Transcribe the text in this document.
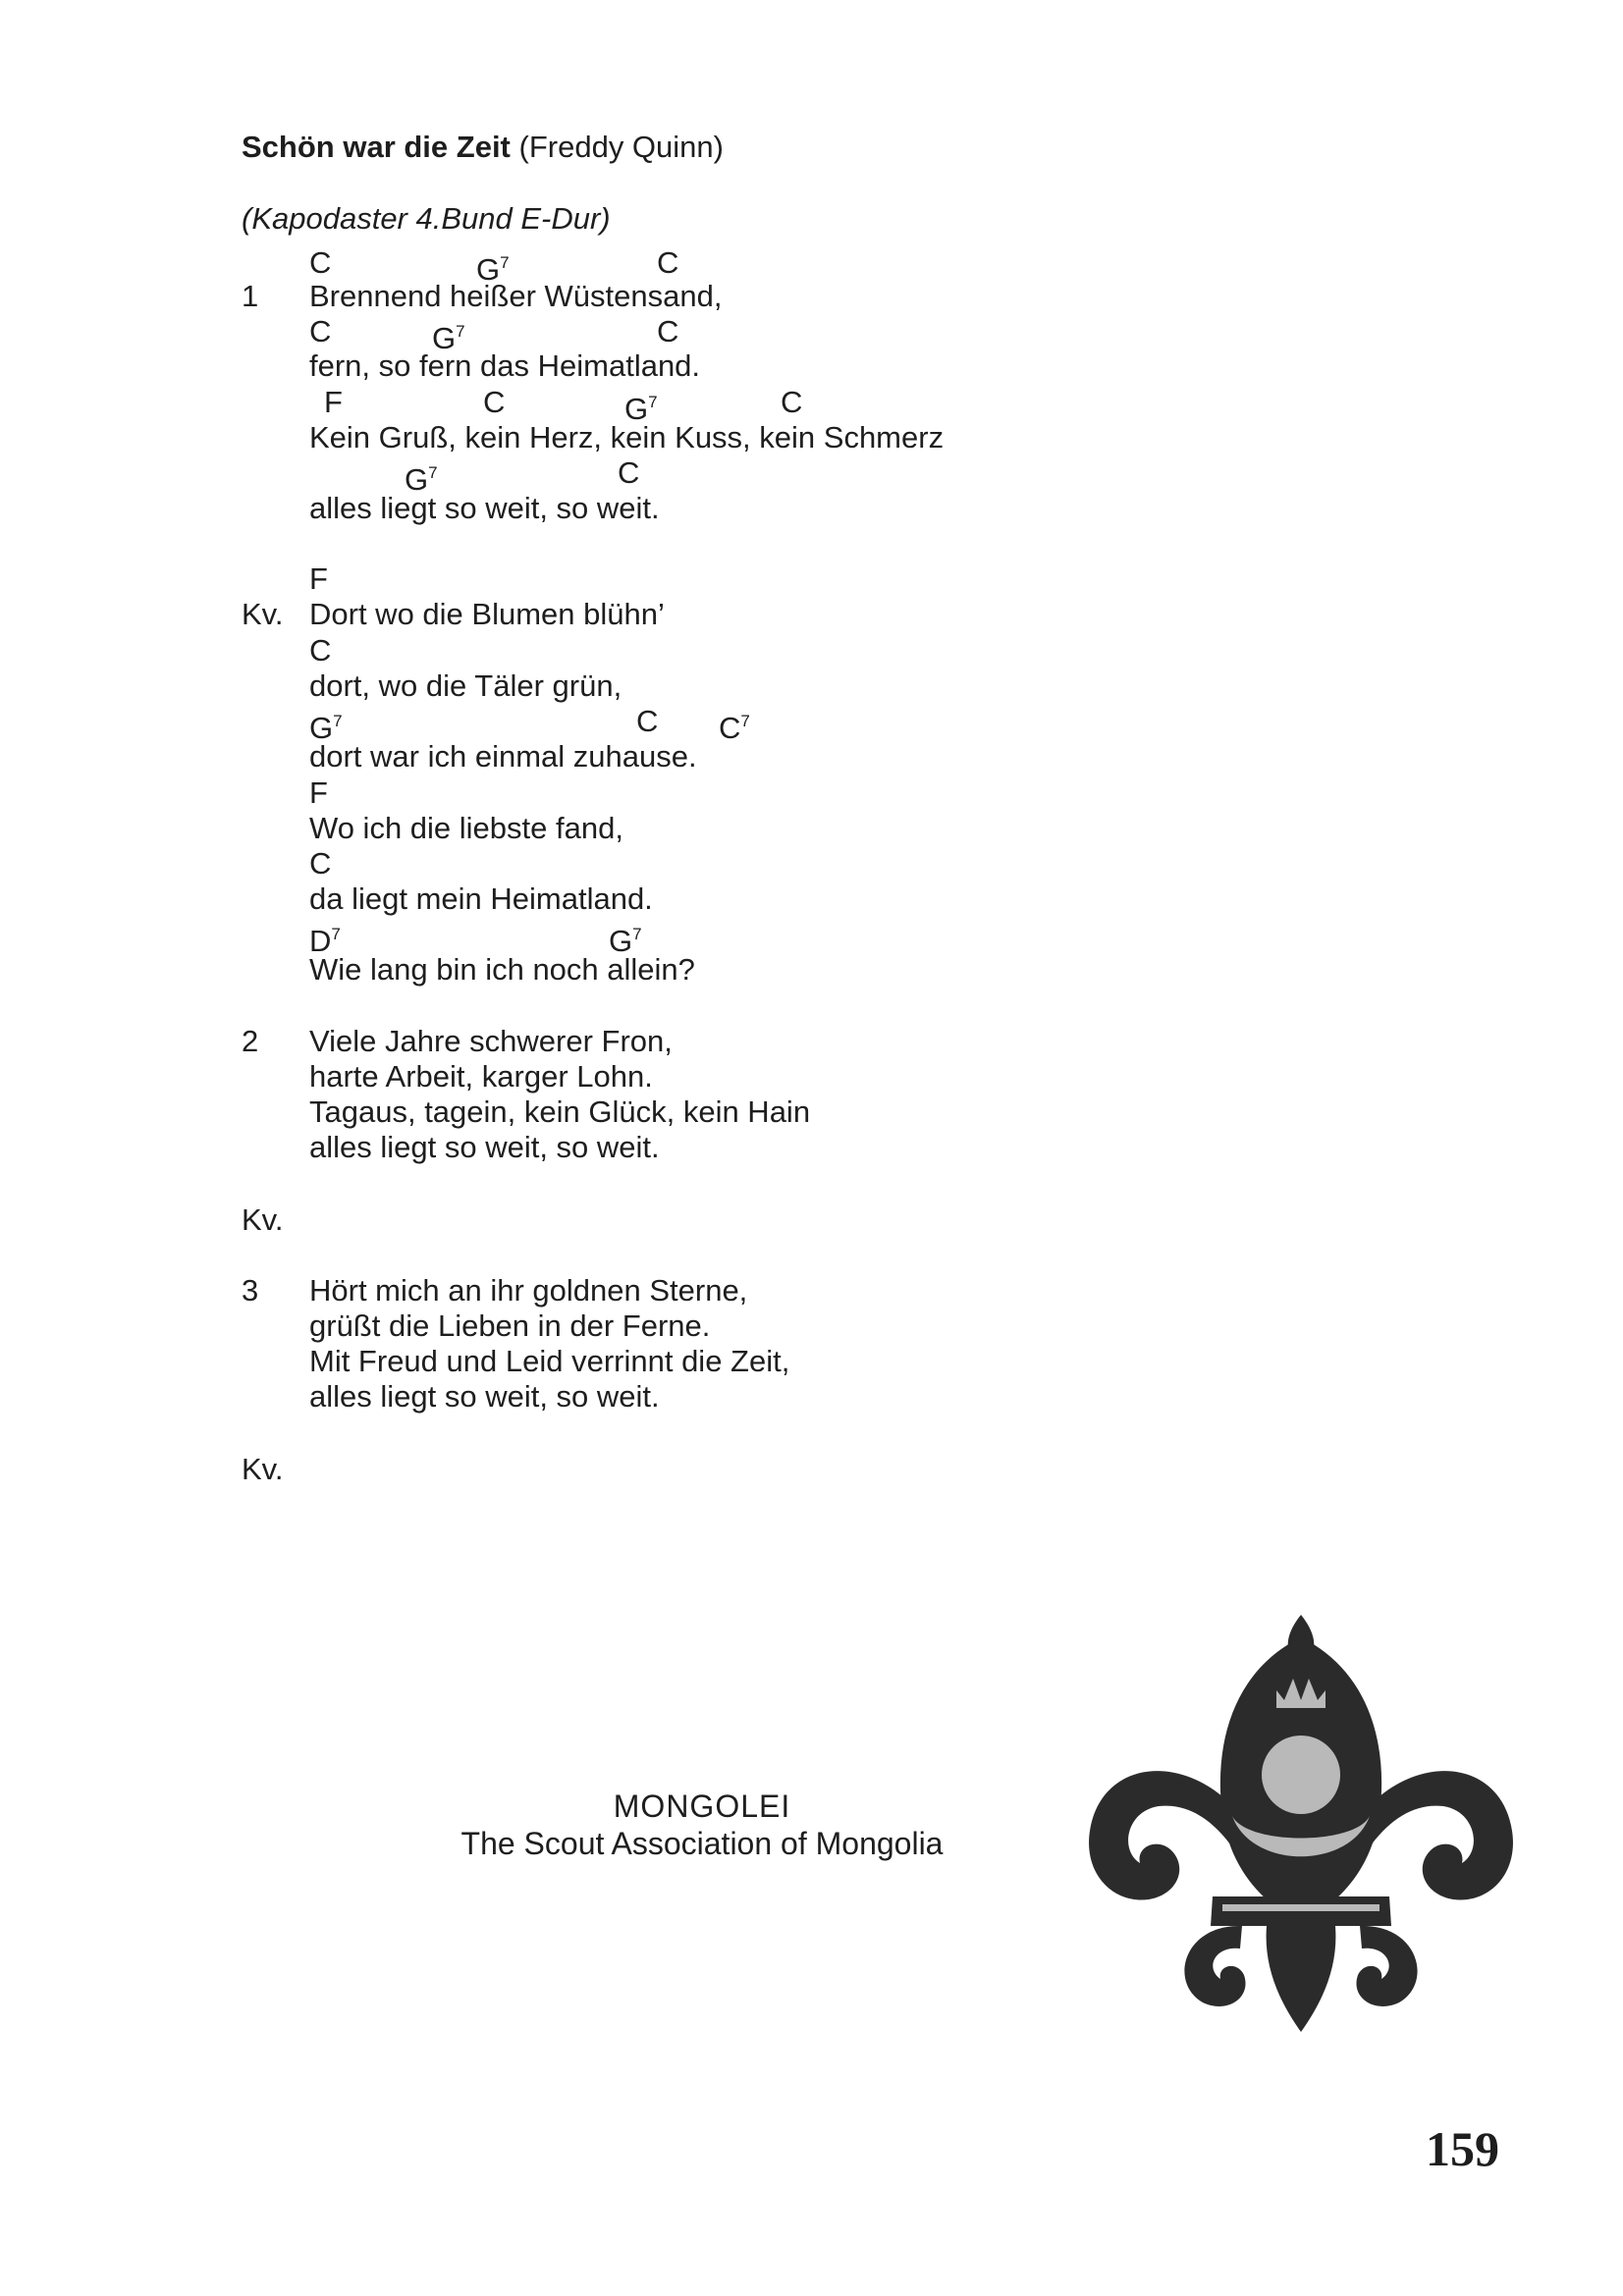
Schön war die Zeit (Freddy Quinn)
(Kapodaster 4.Bund E-Dur)
C	$G^7$	C
1 Brennend heißer Wüstensand,
C	$G^7$	C
fern, so fern das Heimatland.
F	C	$G^7$	C
Kein Gruß, kein Herz, kein Kuss, kein Schmerz
$G^7$	C
alles liegt so weit, so weit.
F
Kv. Dort wo die Blumen blühn’
C
dort, wo die Täler grün,
$G^7$	C $C^7$
dort war ich einmal zuhause.
F
Wo ich die liebste fand,
C
da liegt mein Heimatland.
$D^7$	$G^7$
Wie lang bin ich noch allein?
2 Viele Jahre schwerer Fron,
harte Arbeit, karger Lohn.
Tagaus, tagein, kein Glück, kein Hain
alles liegt so weit, so weit.
Kv.
3 Hört mich an ihr goldnen Sterne,
grüßt die Lieben in der Ferne.
Mit Freud und Leid verrinnt die Zeit,
alles liegt so weit, so weit.
Kv.
MONGOLEI
The Scout Association of Mongolia
159
